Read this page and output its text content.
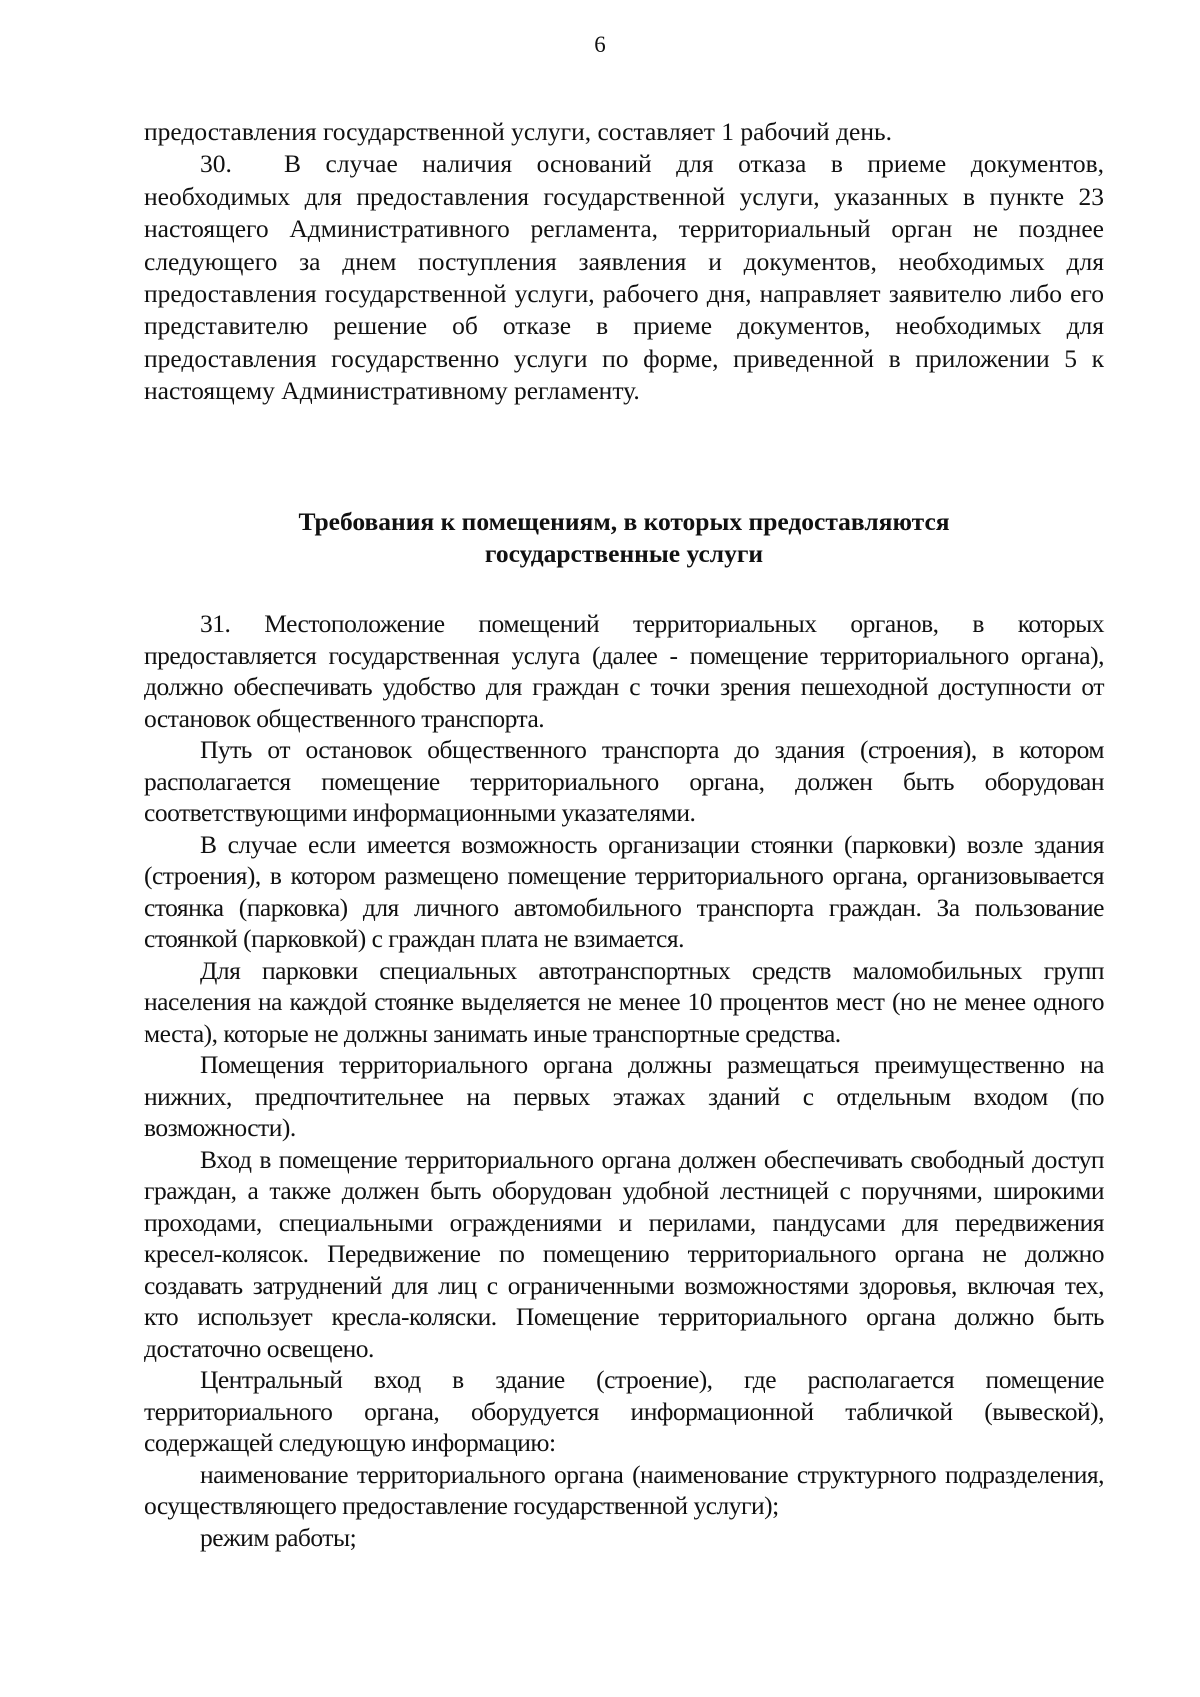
6

предоставления государственной услуги, составляет 1 рабочий день.

30. В случае наличия оснований для отказа в приеме документов, необходимых для предоставления государственной услуги, указанных в пункте 23 настоящего Административного регламента, территориальный орган не позднее следующего за днем поступления заявления и документов, необходимых для предоставления государственной услуги, рабочего дня, направляет заявителю либо его представителю решение об отказе в приеме документов, необходимых для предоставления государственно услуги по форме, приведенной в приложении 5 к настоящему Административному регламенту.

Требования к помещениям, в которых предоставляются
государственные услуги

31. Местоположение помещений территориальных органов, в которых предоставляется государственная услуга (далее - помещение территориального органа), должно обеспечивать удобство для граждан с точки зрения пешеходной доступности от остановок общественного транспорта.

Путь от остановок общественного транспорта до здания (строения), в котором располагается помещение территориального органа, должен быть оборудован соответствующими информационными указателями.

В случае если имеется возможность организации стоянки (парковки) возле здания (строения), в котором размещено помещение территориального органа, организовывается стоянка (парковка) для личного автомобильного транспорта граждан. За пользование стоянкой (парковкой) с граждан плата не взимается.

Для парковки специальных автотранспортных средств маломобильных групп населения на каждой стоянке выделяется не менее 10 процентов мест (но не менее одного места), которые не должны занимать иные транспортные средства.

Помещения территориального органа должны размещаться преимущественно на нижних, предпочтительнее на первых этажах зданий с отдельным входом (по возможности).

Вход в помещение территориального органа должен обеспечивать свободный доступ граждан, а также должен быть оборудован удобной лестницей с поручнями, широкими проходами, специальными ограждениями и перилами, пандусами для передвижения кресел-колясок. Передвижение по помещению территориального органа не должно создавать затруднений для лиц с ограниченными возможностями здоровья, включая тех, кто использует кресла-коляски. Помещение территориального органа должно быть достаточно освещено.

Центральный вход в здание (строение), где располагается помещение территориального органа, оборудуется информационной табличкой (вывеской), содержащей следующую информацию:

наименование территориального органа (наименование структурного подразделения, осуществляющего предоставление государственной услуги);

режим работы;
